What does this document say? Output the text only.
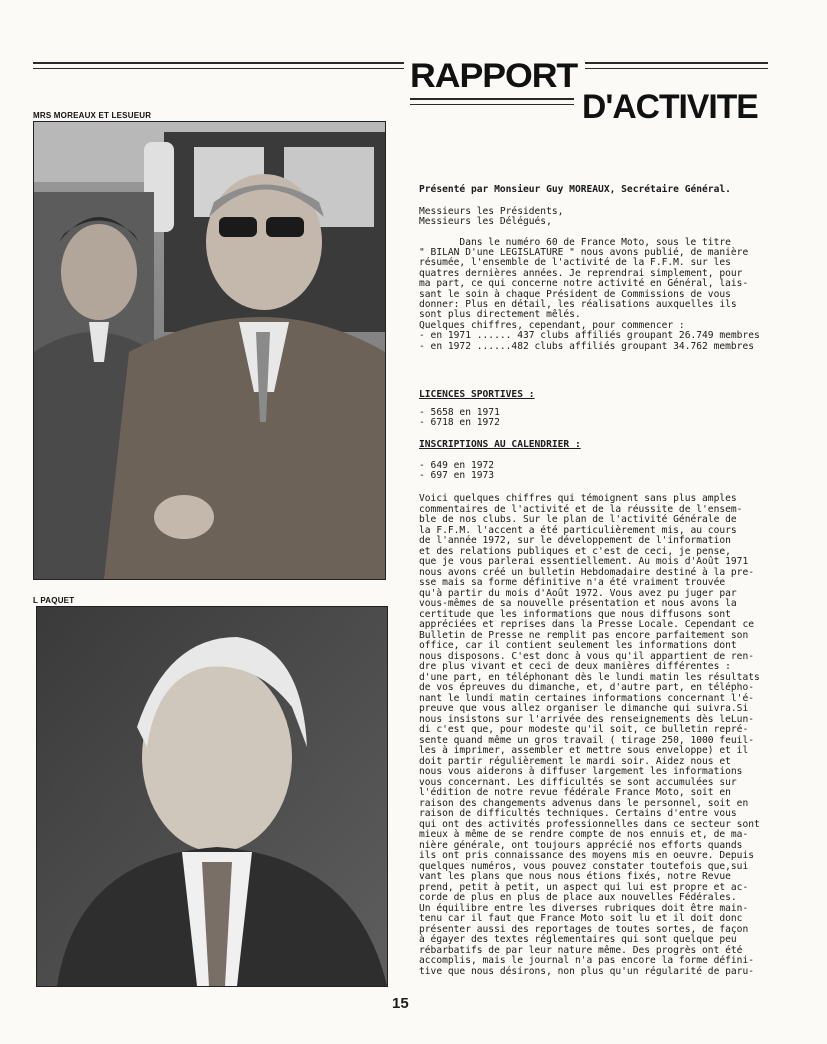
MRS MOREAUX ET LESUEUR
L PAQUET
RAPPORT
D'ACTIVITE

Présenté par Monsieur Guy MOREAUX, Secrétaire Général.
Messieurs les Présidents,
Messieurs les Délégués,
Dans le numéro 60 de France Moto, sous le titre
" BILAN D'une LEGISLATURE " nous avons publié, de manière
résumée, l'ensemble de l'activité de la F.F.M. sur les
quatres dernières années. Je reprendrai simplement, pour
ma part, ce qui concerne notre activité en Général, lais-
sant le soin à chaque Président de Commissions de vous
donner: Plus en détail, les réalisations auxquelles ils
sont plus directement mêlés.
Quelques chiffres, cependant, pour commencer :
- en 1971 ...... 437 clubs affiliés groupant 26.749 membres
- en 1972 ......482 clubs affiliés groupant 34.762 membres
LICENCES SPORTIVES :
- 5658 en 1971
- 6718 en 1972
INSCRIPTIONS AU CALENDRIER :
- 649 en 1972
- 697 en 1973
Voici quelques chiffres qui témoignent sans plus amples
commentaires de l'activité et de la réussite de l'ensem-
ble de nos clubs. Sur le plan de l'activité Générale de
la F.F.M. l'accent a été particulièrement mis, au cours
de l'année 1972, sur le développement de l'information
et des relations publiques et c'est de ceci, je pense,
que je vous parlerai essentiellement. Au mois d'Août 1971
nous avons créé un bulletin Hebdomadaire destiné à la pre-
sse mais sa forme définitive n'a été vraiment trouvée
qu'à partir du mois d'Août 1972. Vous avez pu juger par
vous-mêmes de sa nouvelle présentation et nous avons la
certitude que les informations que nous diffusons sont
appréciées et reprises dans la Presse Locale. Cependant ce
Bulletin de Presse ne remplit pas encore parfaitement son
office, car il contient seulement les informations dont
nous disposons. C'est donc à vous qu'il appartient de ren-
dre plus vivant et ceci de deux manières différentes :
d'une part, en téléphonant dès le lundi matin les résultats
de vos épreuves du dimanche, et, d'autre part, en télépho-
nant le lundi matin certaines informations concernant l'é-
preuve que vous allez organiser le dimanche qui suivra.Si
nous insistons sur l'arrivée des renseignements dès leLun-
di c'est que, pour modeste qu'il soit, ce bulletin repré-
sente quand même un gros travail ( tirage 250, 1000 feuil-
les à imprimer, assembler et mettre sous enveloppe) et il
doit partir régulièrement le mardi soir. Aidez nous et
nous vous aiderons à diffuser largement les informations
vous concernant. Les difficultés se sont accumulées sur
l'édition de notre revue fédérale France Moto, soit en
raison des changements advenus dans le personnel, soit en
raison de difficultés techniques. Certains d'entre vous
qui ont des activités professionnelles dans ce secteur sont
mieux à même de se rendre compte de nos ennuis et, de ma-
nière générale, ont toujours apprécié nos efforts quands
ils ont pris connaissance des moyens mis en oeuvre. Depuis
quelques numéros, vous pouvez constater toutefois que,sui
vant les plans que nous nous étions fixés, notre Revue
prend, petit à petit, un aspect qui lui est propre et ac-
corde de plus en plus de place aux nouvelles Fédérales.
Un équilibre entre les diverses rubriques doit être main-
tenu car il faut que France Moto soit lu et il doit donc
présenter aussi des reportages de toutes sortes, de façon
à égayer des textes réglementaires qui sont quelque peu
rébarbatifs de par leur nature même. Des progrès ont été
accomplis, mais le journal n'a pas encore la forme défini-
tive que nous désirons, non plus qu'un régularité de paru-
15
